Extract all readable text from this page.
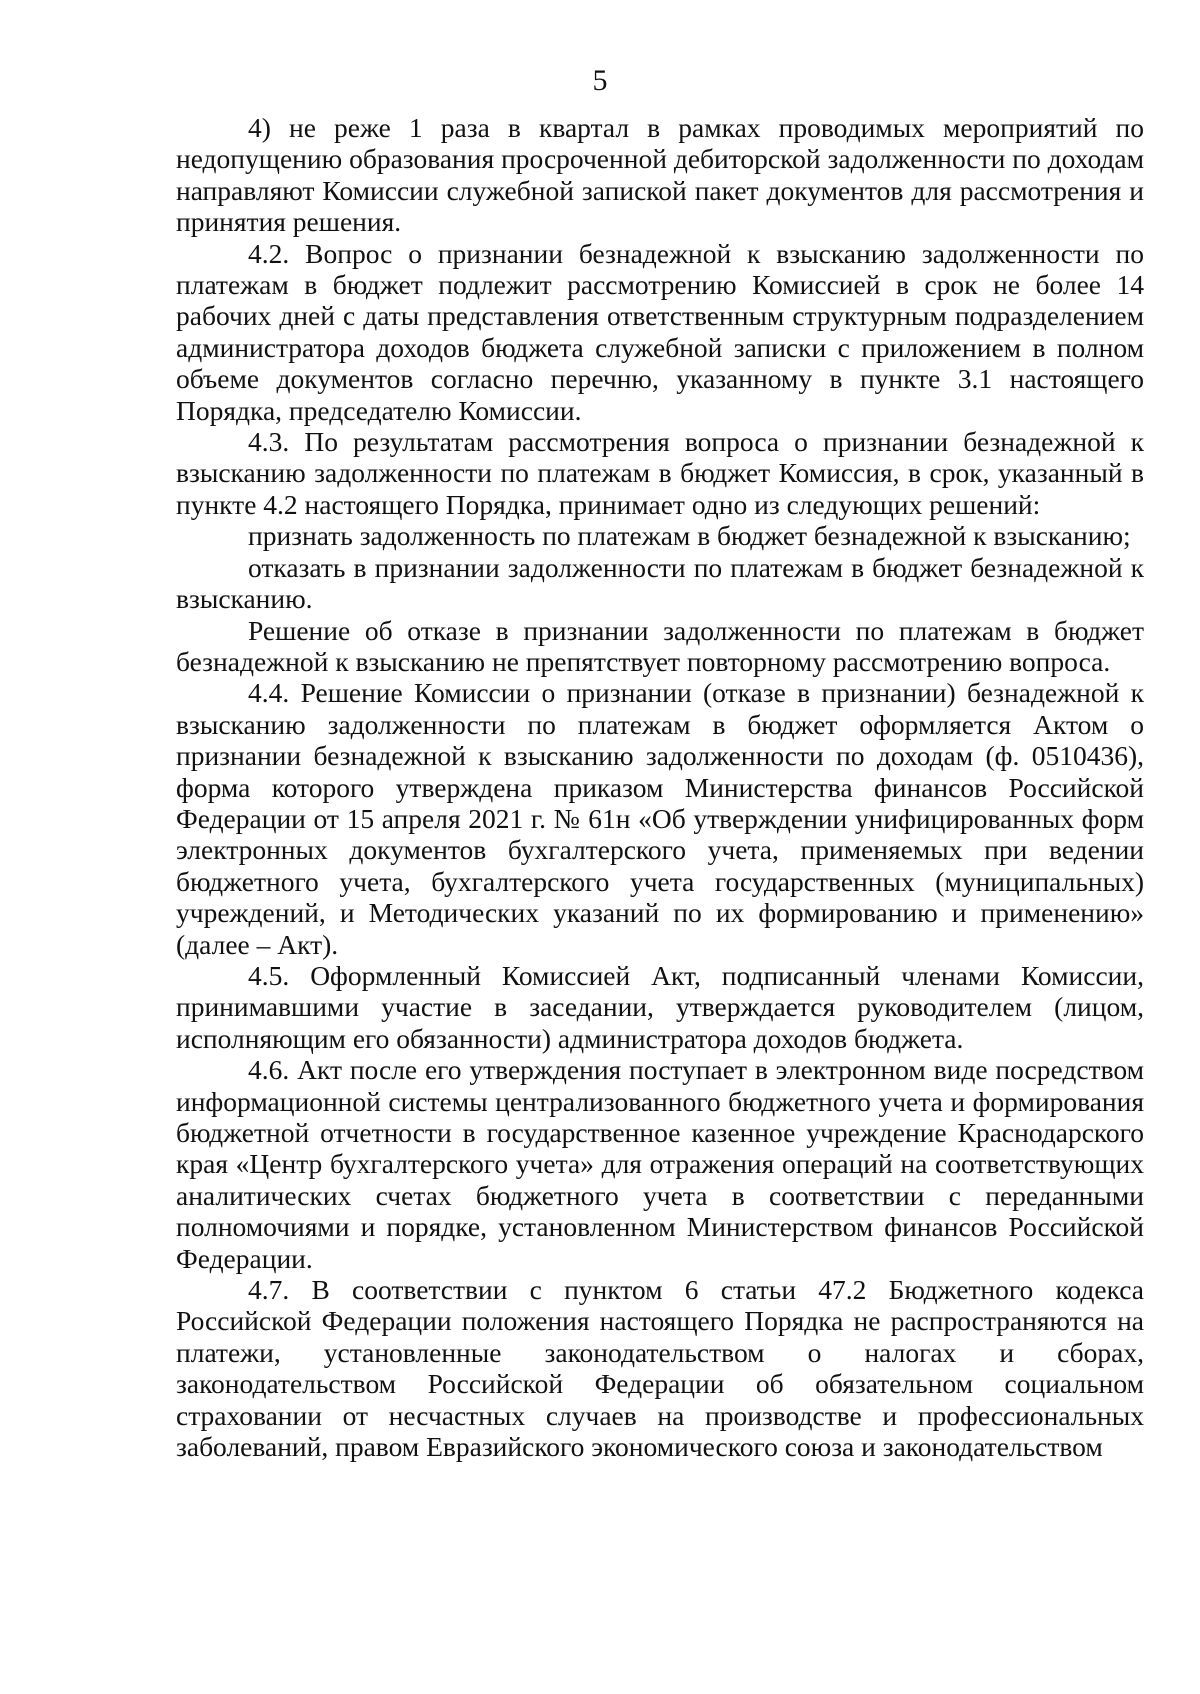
5

4) не реже 1 раза в квартал в рамках проводимых мероприятий по недопущению образования просроченной дебиторской задолженности по доходам направляют Комиссии служебной запиской пакет документов для рассмотрения и принятия решения.

4.2. Вопрос о признании безнадежной к взысканию задолженности по платежам в бюджет подлежит рассмотрению Комиссией в срок не более 14 рабочих дней с даты представления ответственным структурным подразделением администратора доходов бюджета служебной записки с приложением в полном объеме документов согласно перечню, указанному в пункте 3.1 настоящего Порядка, председателю Комиссии.

4.3. По результатам рассмотрения вопроса о признании безнадежной к взысканию задолженности по платежам в бюджет Комиссия, в срок, указанный в пункте 4.2 настоящего Порядка, принимает одно из следующих решений:

признать задолженность по платежам в бюджет безнадежной к взысканию;

отказать в признании задолженности по платежам в бюджет безнадежной к взысканию.

Решение об отказе в признании задолженности по платежам в бюджет безнадежной к взысканию не препятствует повторному рассмотрению вопроса.

4.4. Решение Комиссии о признании (отказе в признании) безнадежной к взысканию задолженности по платежам в бюджет оформляется Актом о признании безнадежной к взысканию задолженности по доходам (ф. 0510436), форма которого утверждена приказом Министерства финансов Российской Федерации от 15 апреля 2021 г. № 61н «Об утверждении унифицированных форм электронных документов бухгалтерского учета, применяемых при ведении бюджетного учета, бухгалтерского учета государственных (муниципальных) учреждений, и Методических указаний по их формированию и применению» (далее – Акт).

4.5. Оформленный Комиссией Акт, подписанный членами Комиссии, принимавшими участие в заседании, утверждается руководителем (лицом, исполняющим его обязанности) администратора доходов бюджета.

4.6. Акт после его утверждения поступает в электронном виде посредством информационной системы централизованного бюджетного учета и формирования бюджетной отчетности в государственное казенное учреждение Краснодарского края «Центр бухгалтерского учета» для отражения операций на соответствующих аналитических счетах бюджетного учета в соответствии с переданными полномочиями и порядке, установленном Министерством финансов Российской Федерации.

4.7. В соответствии с пунктом 6 статьи 47.2 Бюджетного кодекса Российской Федерации положения настоящего Порядка не распространяются на платежи, установленные законодательством о налогах и сборах, законодательством Российской Федерации об обязательном социальном страховании от несчастных случаев на производстве и профессиональных заболеваний, правом Евразийского экономического союза и законодательством
